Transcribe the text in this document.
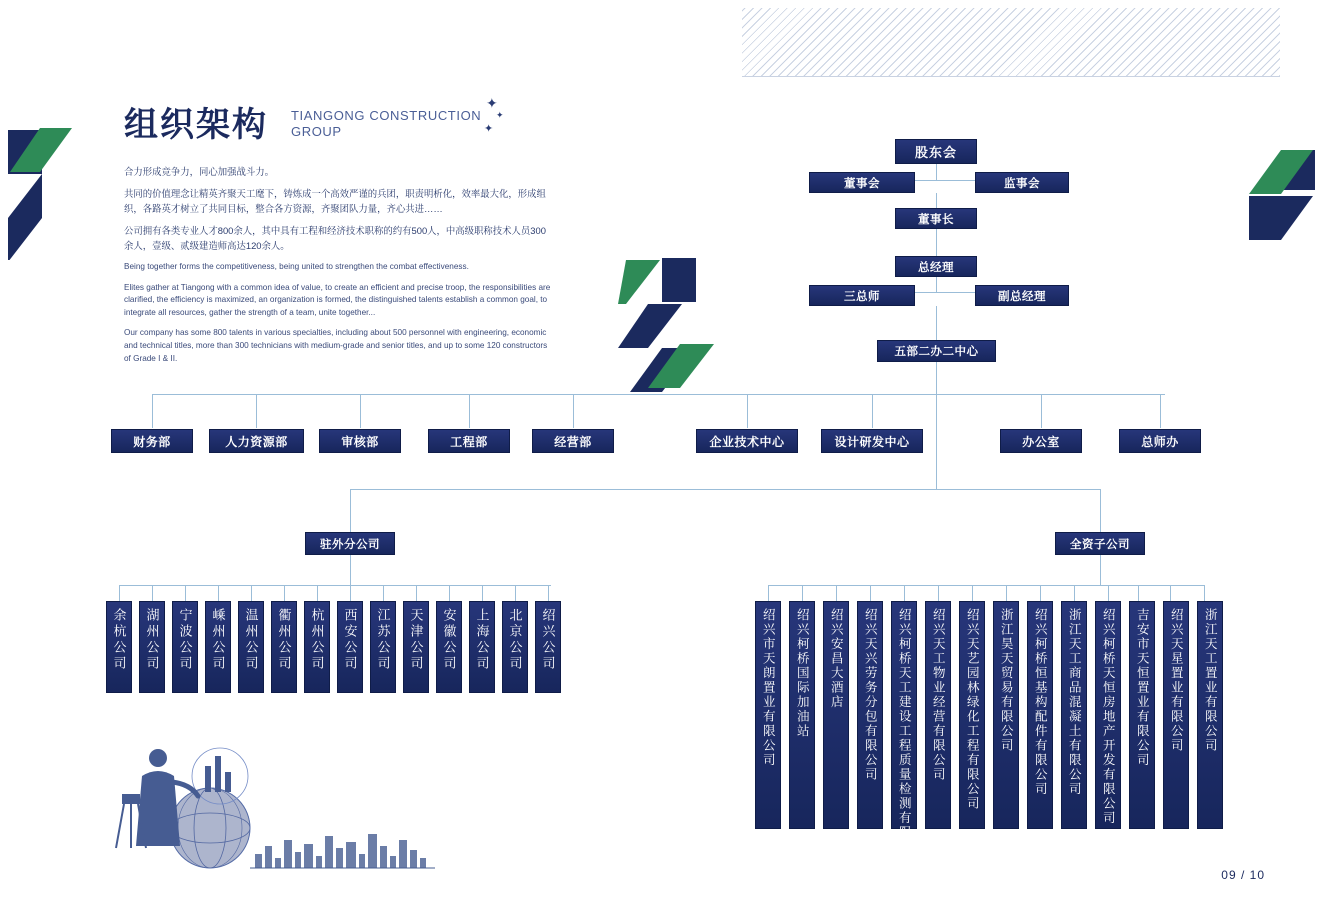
组织架构 TIANGONG CONSTRUCTION GROUP
✦
✦
✦

合力形成竞争力，同心加强战斗力。

共同的价值理念让精英齐聚天工麾下，铸炼成一个高效严谨的兵团，职责明析化，效率最大化，形成组织，各路英才树立了共同目标，整合各方资源，齐聚团队力量，齐心共进……

公司拥有各类专业人才800余人，其中具有工程和经济技术职称的约有500人，中高级职称技术人员300余人，壹级、贰级建造师高达120余人。

Being together forms the competitiveness, being united to strengthen the combat effectiveness.

Elites gather at Tiangong with a common idea of value, to create an efficient and precise troop, the responsibilities are clarified, the efficiency is maximized, an organization is formed, the distinguished talents establish a common goal, to integrate all resources, gather the strength of a team, unite together...

Our company has some 800 talents in various specialties, including about 500 personnel with engineering, economic and technical titles, more than 300 technicians with medium-grade and senior titles, and up to some 120 constructors of Grade I & II.

股东会
董事会	监事会
董事长
总经理
三总师	副总经理
五部二办二中心
财务部	人力资源部	审核部	工程部	经营部	企业技术中心	设计研发中心	办公室	总师办
驻外分公司	全资子公司
余杭公司	湖州公司	宁波公司	嵊州公司	温州公司	衢州公司	杭州公司	西安公司	江苏公司	天津公司	安徽公司	上海公司	北京公司	绍兴公司	绍兴市天朗置业有限公司	绍兴柯桥国际加油站	绍兴安昌大酒店	绍兴天兴劳务分包有限公司	绍兴柯桥天工建设工程质量检测有限公司	绍兴天工物业经营有限公司	绍兴天艺园林绿化工程有限公司	浙江昊天贸易有限公司	绍兴柯桥恒基构配件有限公司	浙江天工商品混凝土有限公司	绍兴柯桥天恒房地产开发有限公司	吉安市天恒置业有限公司	绍兴天星置业有限公司	浙江天工置业有限公司
09 / 10
